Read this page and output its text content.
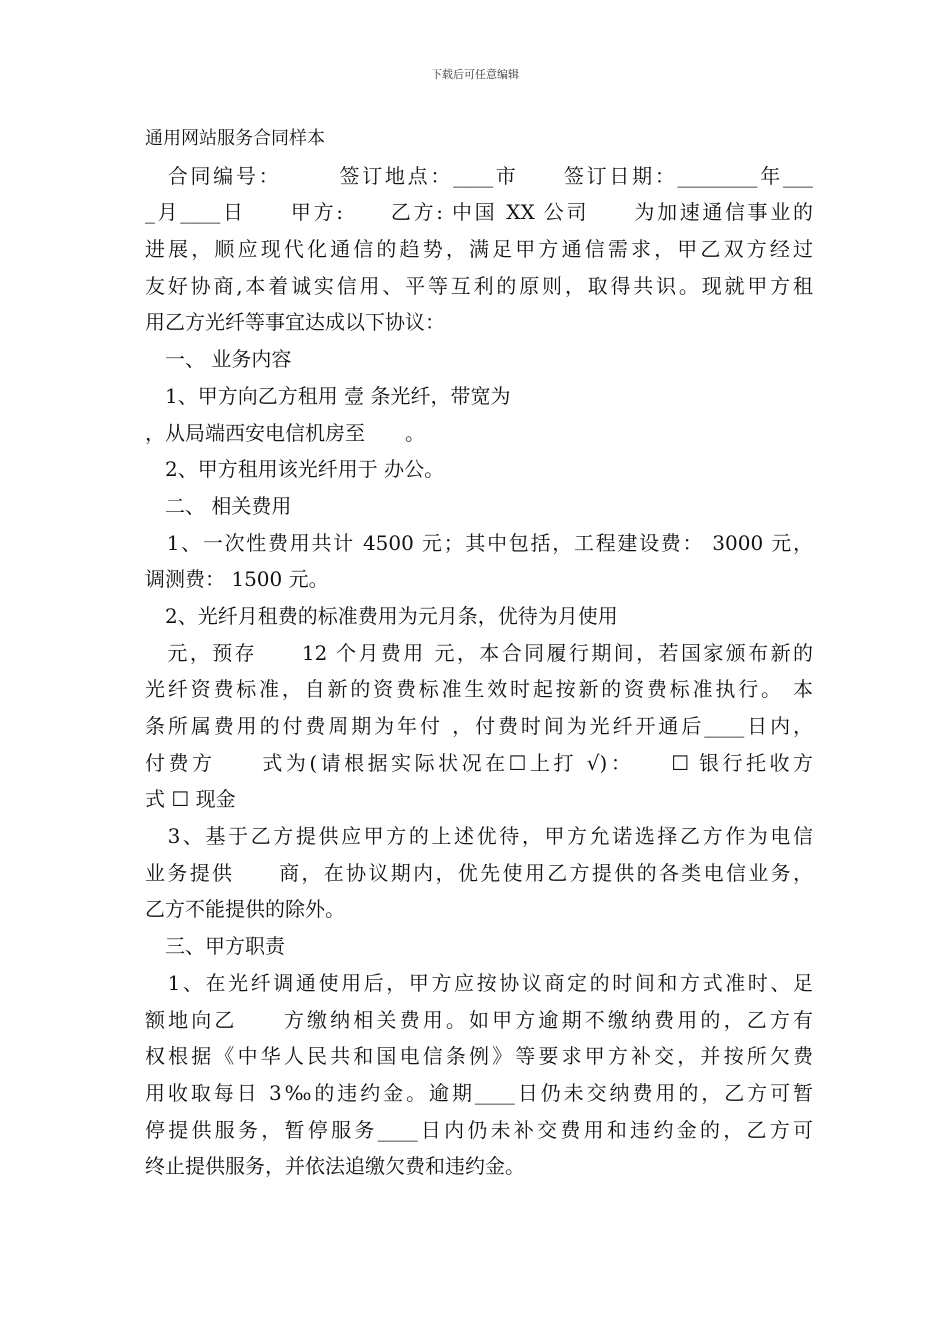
下载后可任意编辑
通用网站服务合同样本
　合同编号：　　　签订地点：____市　　签订日期：________年___
_月____日　　甲方:　　乙方: 中国 XX 公司　　为加速通信事业的
进展，顺应现代化通信的趋势，满足甲方通信需求，甲乙双方经过
友好协商,本着诚实信用、平等互利的原则，取得共识。现就甲方租
用乙方光纤等事宜达成以下协议：
　一、 业务内容
　1、甲方向乙方租用 壹 条光纤，带宽为
，从局端西安电信机房至　　。
　2、甲方租用该光纤用于 办公。
　二、 相关费用
　1、一次性费用共计 4500 元；其中包括，工程建设费： 3000 元，
调测费： 1500 元。
　2、光纤月租费的标准费用为元月条，优待为月使用
　元，预存　　12 个月费用 元，本合同履行期间，若国家颁布新的
光纤资费标准，自新的资费标准生效时起按新的资费标准执行。 本
条所属费用的付费周期为年付 ，付费时间为光纤开通后____日内，
付费方　　式为(请根据实际状况在☐上打 √)：　　☐ 银行托收方
式 ☐ 现金
　3、基于乙方提供应甲方的上述优待，甲方允诺选择乙方作为电信
业务提供　　商，在协议期内，优先使用乙方提供的各类电信业务，
乙方不能提供的除外。
　三、甲方职责
　1、在光纤调通使用后，甲方应按协议商定的时间和方式准时、足
额地向乙　　方缴纳相关费用。如甲方逾期不缴纳费用的，乙方有
权根据《中华人民共和国电信条例》等要求甲方补交，并按所欠费
用收取每日 3‰的违约金。逾期____日仍未交纳费用的，乙方可暂
停提供服务，暂停服务____日内仍未补交费用和违约金的，乙方可
终止提供服务，并依法追缴欠费和违约金。
